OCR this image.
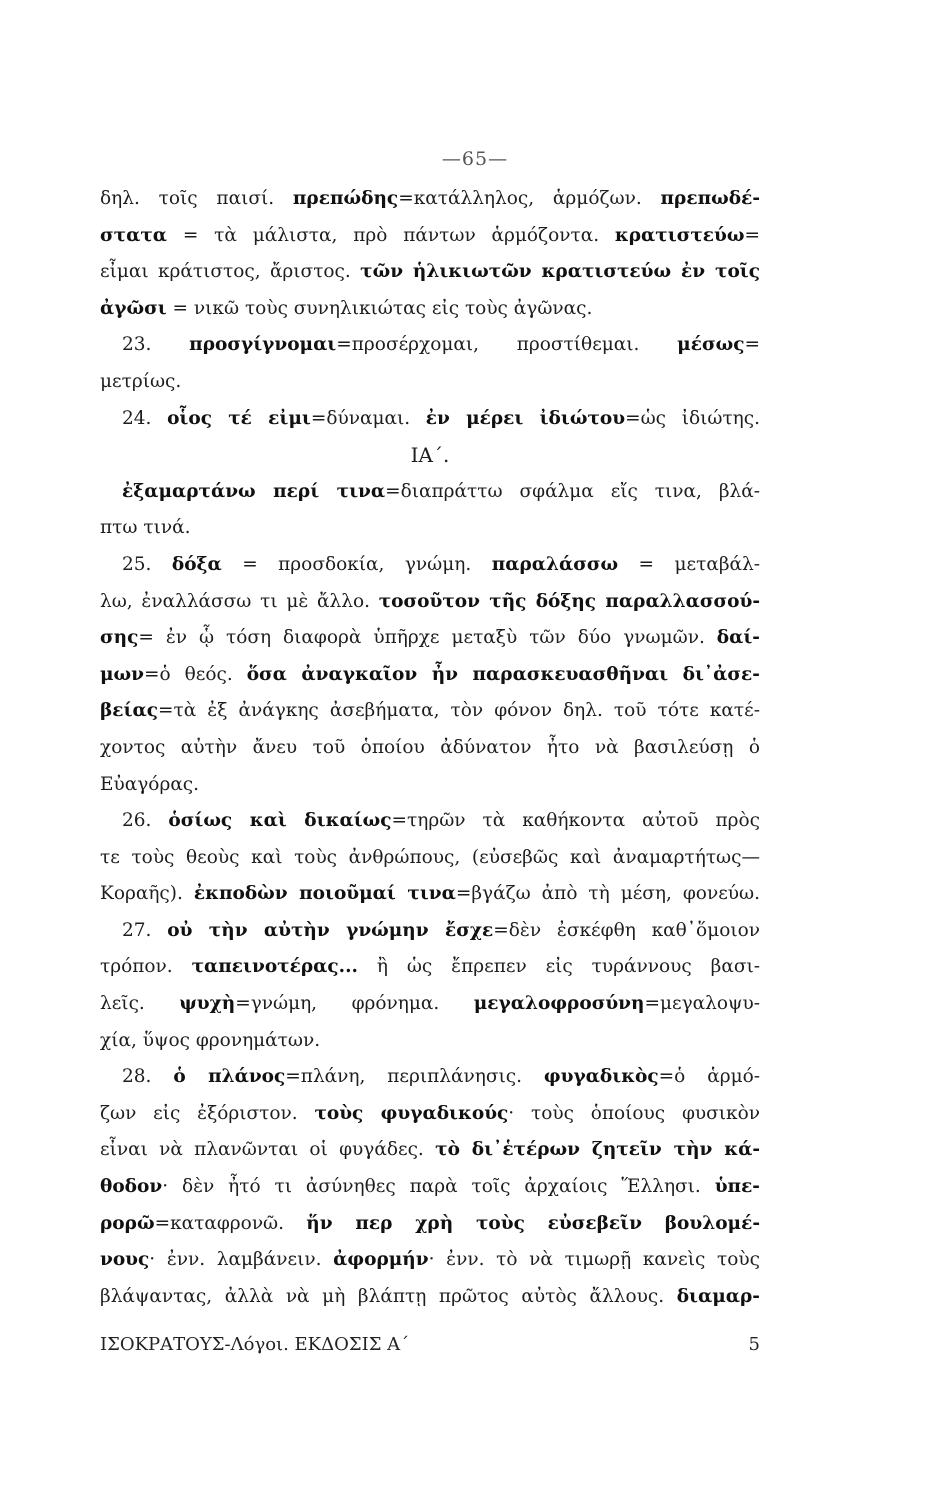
—65—
δηλ. τοῖς παισί. πρεπώδης=κατάλληλος, ἁρμόζων. πρεπωδέ-
στατα = τὰ μάλιστα, πρὸ πάντων ἁρμόζοντα. κρατιστεύω=
εἶμαι κράτιστος, ἄριστος. τῶν ἡλικιωτῶν κρατιστεύω ἐν τοῖς
ἀγῶσι = νικῶ τοὺς συνηλικιώτας εἰς τοὺς ἀγῶνας.
23. προσγίγνομαι=προσέρχομαι, προστίθεμαι. μέσως=
μετρίως.
24. οἷος τέ εἰμι=δύναμαι. ἐν μέρει ἰδιώτου=ὡς ἰδιώτης.
ΙΑ΄.
ἐξαμαρτάνω περί τινα=διαπράττω σφάλμα εἴς τινα, βλά-
πτω τινά.
25. δόξα = προσδοκία, γνώμη. παραλάσσω = μεταβάλ-
λω, ἐναλλάσσω τι μὲ ἄλλο. τοσοῦτον τῆς δόξης παραλλασσού-
σης= ἐν ᾧ τόση διαφορὰ ὑπῆρχε μεταξὺ τῶν δύο γνωμῶν. δαί-
μων=ὁ θεός. ὅσα ἀναγκαῖον ἦν παρασκευασθῆναι δι᾽ἀσε-
βείας=τὰ ἐξ ἀνάγκης ἀσεβήματα, τὸν φόνον δηλ. τοῦ τότε κατέ-
χοντος αὐτὴν ἄνευ τοῦ ὁποίου ἀδύνατον ἦτο νὰ βασιλεύσῃ ὁ
Εὐαγόρας.
26. ὁσίως καὶ δικαίως=τηρῶν τὰ καθήκοντα αὐτοῦ πρὸς
τε τοὺς θεοὺς καὶ τοὺς ἀνθρώπους, (εὐσεβῶς καὶ ἀναμαρτήτως—
Κοραῆς). ἐκποδὼν ποιοῦμαί τινα=βγάζω ἀπὸ τὴ μέση, φονεύω.
27. οὐ τὴν αὐτὴν γνώμην ἔσχε=δὲν ἐσκέφθη καθ᾽ὅμοιον
τρόπον. ταπεινοτέρας... ἢ ὡς ἔπρεπεν εἰς τυράννους βασι-
λεῖς. ψυχὴ=γνώμη, φρόνημα. μεγαλοφροσύνη=μεγαλοψυ-
χία, ὕψος φρονημάτων.
28. ὁ πλάνος=πλάνη, περιπλάνησις. φυγαδικὸς=ὁ ἁρμό-
ζων εἰς ἐξόριστον. τοὺς φυγαδικούς· τοὺς ὁποίους φυσικὸν
εἶναι νὰ πλανῶνται οἱ φυγάδες. τὸ δι᾽ἑτέρων ζητεῖν τὴν κά-
θοδον· δὲν ἦτό τι ἀσύνηθες παρὰ τοῖς ἀρχαίοις Ἕλλησι. ὑπε-
ρορῶ=καταφρονῶ. ἥν περ χρὴ τοὺς εὐσεβεῖν βουλομέ-
νους· ἐνν. λαμβάνειν. ἀφορμήν· ἐνν. τὸ νὰ τιμωρῇ κανεὶς τοὺς
βλάψαντας, ἀλλὰ νὰ μὴ βλάπτῃ πρῶτος αὐτὸς ἄλλους. διαμαρ-
ΙΣΟΚΡΑΤΟΥΣ-Λόγοι. ΕΚΔΟΣΙΣ Α΄	5
